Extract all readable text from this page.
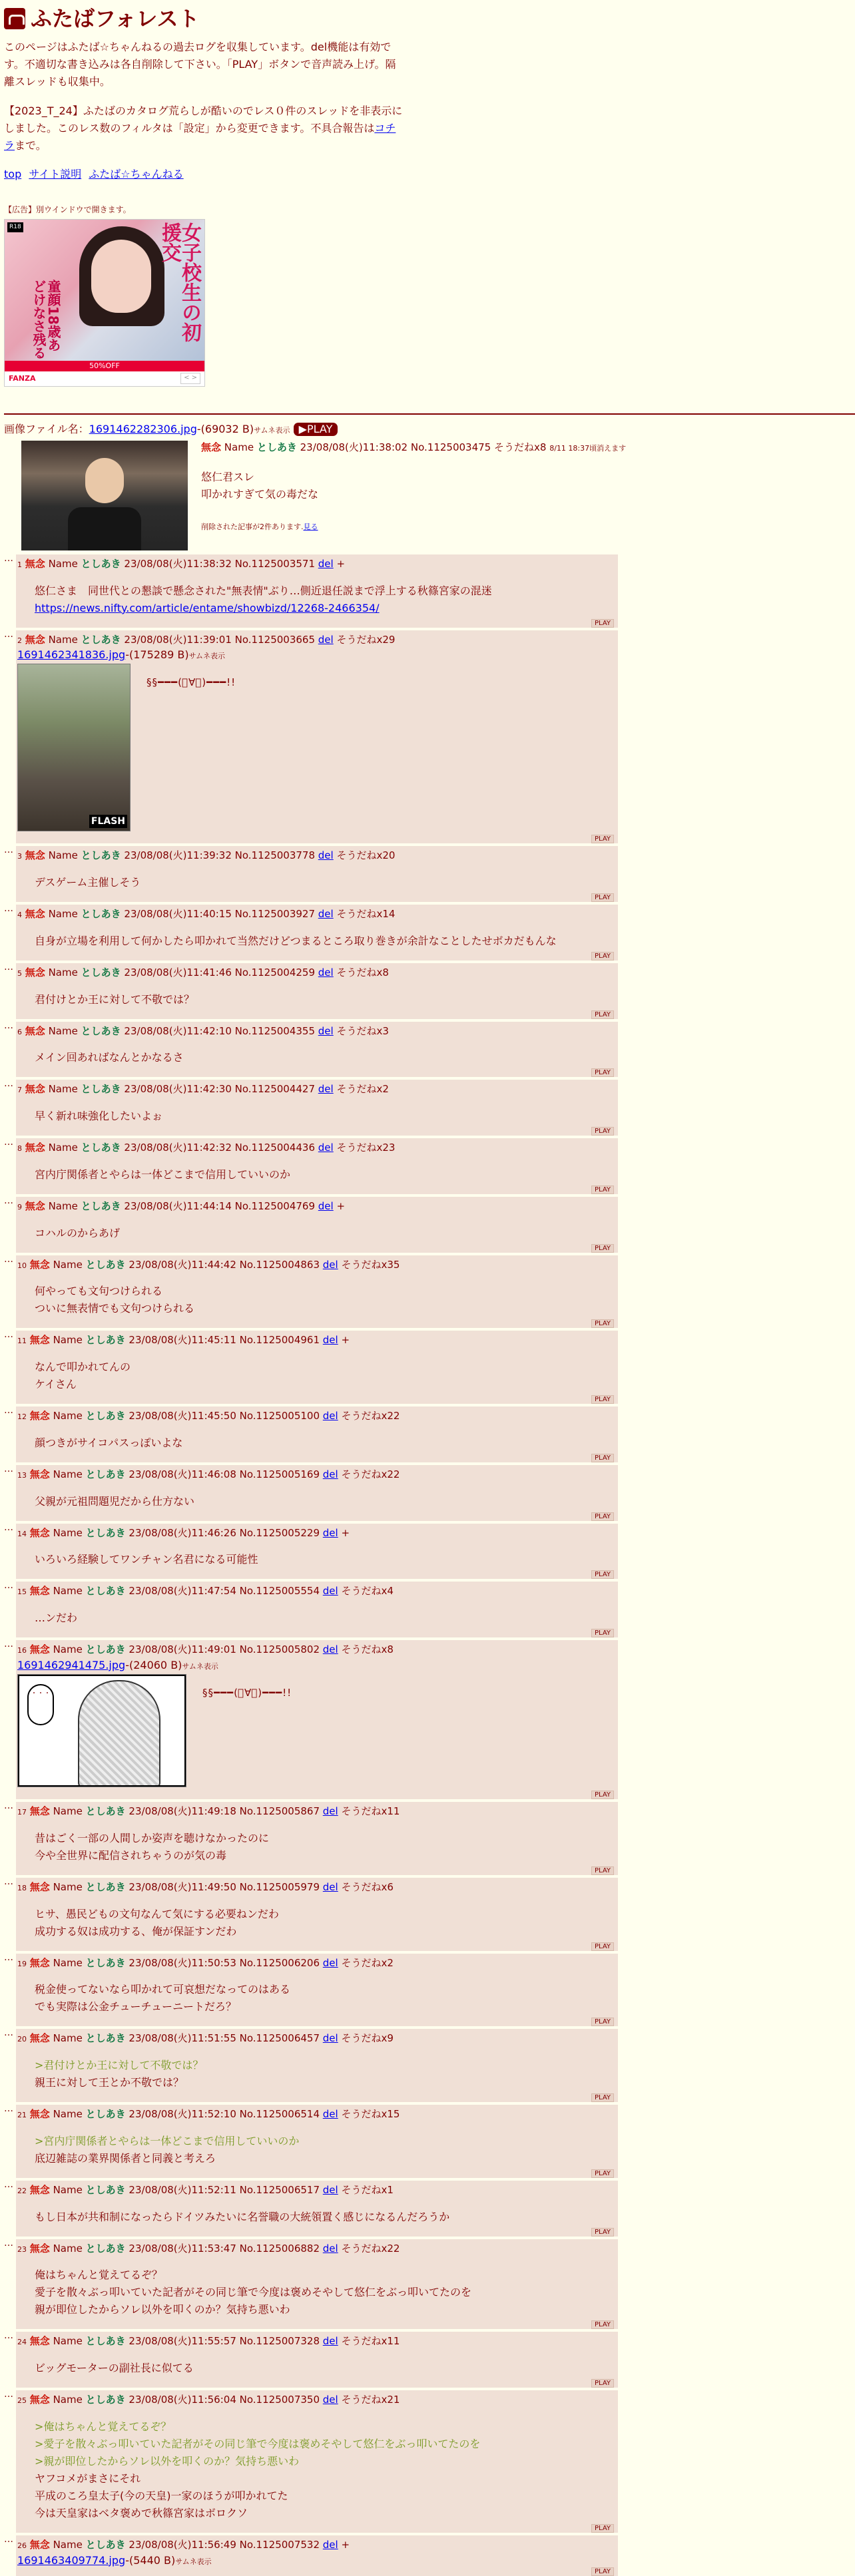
ふたばフォレスト

このページはふたば☆ちゃんねるの過去ログを収集しています。del機能は有効です。不適切な書き込みは各自削除して下さい。「PLAY」ボタンで音声読み上げ。隔離スレッドも収集中。

【2023_T_24】ふたばのカタログ荒らしが酷いのでレス０件のスレッドを非表示にしました。このレス数のフィルタは「設定」から変更できます。不具合報告はコチラまで。

top サイト説明 ふたば☆ちゃんねる
【広告】別ウインドウで開きます。
R18	女子校生の初援交
童顔18歳あどけなさ残る
50%OFF
FANZA	< >
画像ファイル名：1691462282306.jpg-(69032 B)サムネ表示 ▶PLAY
無念 Name としあき 23/08/08(火)11:38:02 No.1125003475 そうだねx8 8/11 18:37頃消えます
悠仁君スレ
叩かれすぎて気の毒だな
削除された記事が2件あります.見る
…
1 無念 Name としあき 23/08/08(火)11:38:32 No.1125003571 del +
悠仁さま　同世代との懇談で懸念された"無表情"ぶり…側近退任説まで浮上する秋篠宮家の混迷
https://news.nifty.com/article/entame/showbizd/12268-2466354/
PLAY
…
2 無念 Name としあき 23/08/08(火)11:39:01 No.1125003665 del そうだねx29
1691462341836.jpg-(175289 B)サムネ表示
FLASH
§§━━━(ﾟ∀ﾟ)━━━!!
PLAY
…
3 無念 Name としあき 23/08/08(火)11:39:32 No.1125003778 del そうだねx20
デスゲーム主催しそう
PLAY
…
4 無念 Name としあき 23/08/08(火)11:40:15 No.1125003927 del そうだねx14
自身が立場を利用して何かしたら叩かれて当然だけどつまるところ取り巻きが余計なことしたせボカだもんな
PLAY
…
5 無念 Name としあき 23/08/08(火)11:41:46 No.1125004259 del そうだねx8
君付けとか王に対して不敬では？
PLAY
…
6 無念 Name としあき 23/08/08(火)11:42:10 No.1125004355 del そうだねx3
メイン回あればなんとかなるさ
PLAY
…
7 無念 Name としあき 23/08/08(火)11:42:30 No.1125004427 del そうだねx2
早く新れ味強化したいよぉ
PLAY
…
8 無念 Name としあき 23/08/08(火)11:42:32 No.1125004436 del そうだねx23
宮内庁関係者とやらは一体どこまで信用していいのか
PLAY
…
9 無念 Name としあき 23/08/08(火)11:44:14 No.1125004769 del +
コハルのからあげ
PLAY
…
10 無念 Name としあき 23/08/08(火)11:44:42 No.1125004863 del そうだねx35
何やっても文句つけられる
ついに無表情でも文句つけられる
PLAY
…
11 無念 Name としあき 23/08/08(火)11:45:11 No.1125004961 del +
なんで叩かれてんの
ケイさん
PLAY
…
12 無念 Name としあき 23/08/08(火)11:45:50 No.1125005100 del そうだねx22
顔つきがサイコパスっぽいよな
PLAY
…
13 無念 Name としあき 23/08/08(火)11:46:08 No.1125005169 del そうだねx22
父親が元祖問題児だから仕方ない
PLAY
…
14 無念 Name としあき 23/08/08(火)11:46:26 No.1125005229 del +
いろいろ経験してワンチャン名君になる可能性
PLAY
…
15 無念 Name としあき 23/08/08(火)11:47:54 No.1125005554 del そうだねx4
…ンだわ
PLAY
…
16 無念 Name としあき 23/08/08(火)11:49:01 No.1125005802 del そうだねx8
1691462941475.jpg-(24060 B)サムネ表示
・・・	§§━━━(ﾟ∀ﾟ)━━━!!
PLAY
…
17 無念 Name としあき 23/08/08(火)11:49:18 No.1125005867 del そうだねx11
昔はごく一部の人間しか姿声を聴けなかったのに
今や全世界に配信されちゃうのが気の毒
PLAY
…
18 無念 Name としあき 23/08/08(火)11:49:50 No.1125005979 del そうだねx6
ヒサ、愚民どもの文句なんて気にする必要ねンだわ
成功する奴は成功する、俺が保証すンだわ
PLAY
…
19 無念 Name としあき 23/08/08(火)11:50:53 No.1125006206 del そうだねx2
税金使ってないなら叩かれて可哀想だなってのはある
でも実際は公金チューチューニートだろ？
PLAY
…
20 無念 Name としあき 23/08/08(火)11:51:55 No.1125006457 del そうだねx9
>君付けとか王に対して不敬では？
親王に対して王とか不敬では？
PLAY
…
21 無念 Name としあき 23/08/08(火)11:52:10 No.1125006514 del そうだねx15
>宮内庁関係者とやらは一体どこまで信用していいのか
底辺雑誌の業界関係者と同義と考えろ
PLAY
…
22 無念 Name としあき 23/08/08(火)11:52:11 No.1125006517 del そうだねx1
もし日本が共和制になったらドイツみたいに名誉職の大統領置く感じになるんだろうか
PLAY
…
23 無念 Name としあき 23/08/08(火)11:53:47 No.1125006882 del そうだねx22
俺はちゃんと覚えてるぞ？
愛子を散々ぶっ叩いていた記者がその同じ筆で今度は褒めそやして悠仁をぶっ叩いてたのを
親が即位したからソレ以外を叩くのか？気持ち悪いわ
PLAY
…
24 無念 Name としあき 23/08/08(火)11:55:57 No.1125007328 del そうだねx11
ビッグモーターの副社長に似てる
PLAY
…
25 無念 Name としあき 23/08/08(火)11:56:04 No.1125007350 del そうだねx21
>俺はちゃんと覚えてるぞ？
>愛子を散々ぶっ叩いていた記者がその同じ筆で今度は褒めそやして悠仁をぶっ叩いてたのを
>親が即位したからソレ以外を叩くのか？気持ち悪いわ
ヤフコメがまさにそれ
平成のころ皇太子(今の天皇)一家のほうが叩かれてた
今は天皇家はベタ褒めで秋篠宮家はボロクソ
PLAY
…
26 無念 Name としあき 23/08/08(火)11:56:49 No.1125007532 del +
1691463409774.jpg-(5440 B)サムネ表示
PLAY
